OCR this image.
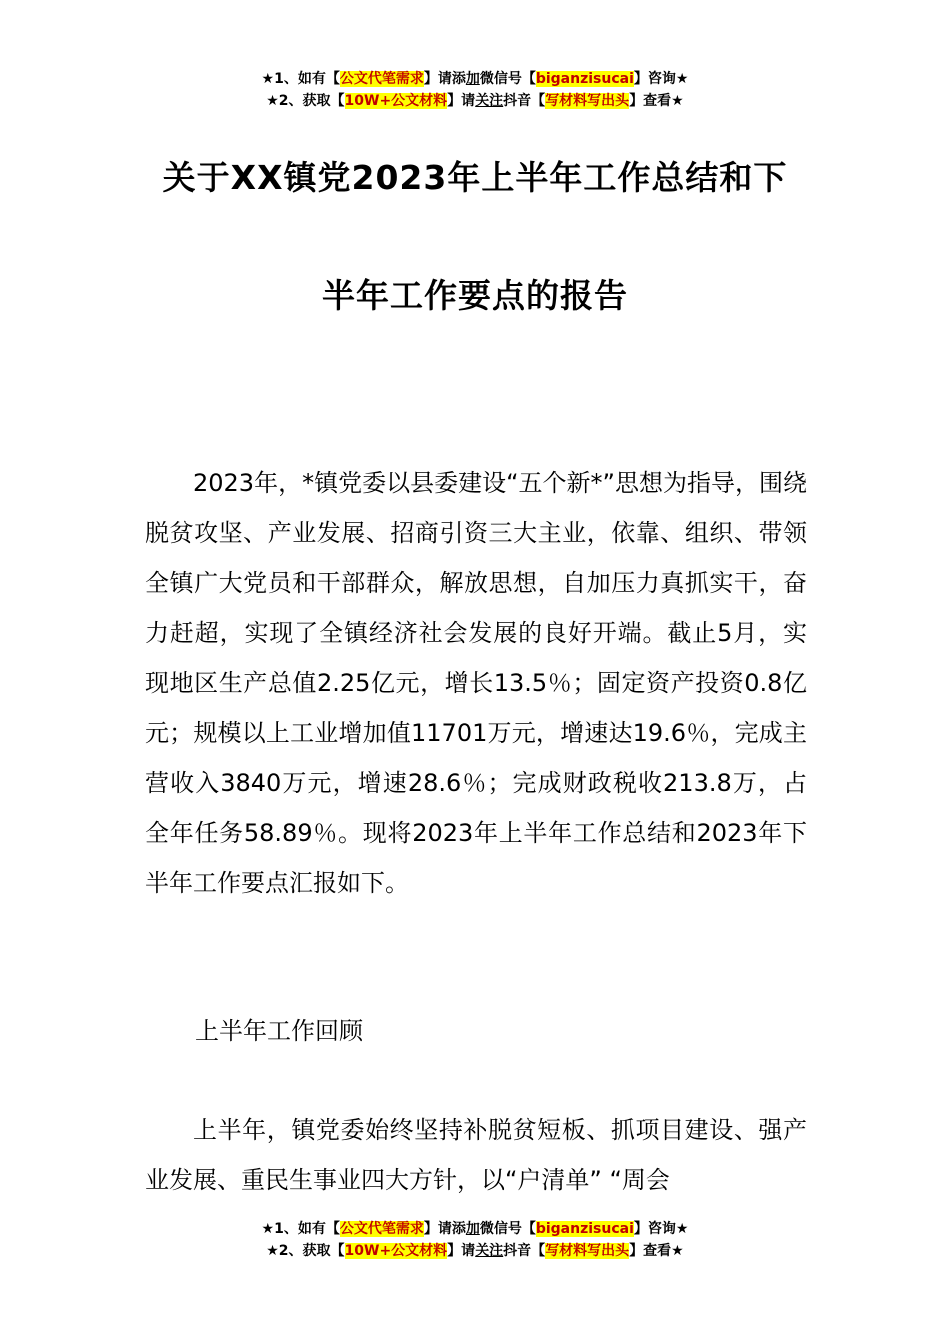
★1、如有【公文代笔需求】请添加微信号【biganzisucai】咨询★
★2、获取【10W+公文材料】请关注抖音【写材料写出头】查看★
关于XX镇党2023年上半年工作总结和下
半年工作要点的报告

2023年，*镇党委以县委建设“五个新*”思想为指导，围绕脱贫攻坚、产业发展、招商引资三大主业，依靠、组织、带领全镇广大党员和干部群众，解放思想，自加压力真抓实干，奋力赶超，实现了全镇经济社会发展的良好开端。截止5月，实现地区生产总值2.25亿元，增长13.5％；固定资产投资0.8亿元；规模以上工业增加值11701万元，增速达19.6％，完成主营收入3840万元，增速28.6％；完成财政税收213.8万，占全年任务58.89％。现将2023年上半年工作总结和2023年下半年工作要点汇报如下。

上半年工作回顾

上半年，镇党委始终坚持补脱贫短板、抓项目建设、强产业发展、重民生事业四大方针，以“户清单” “周会

★1、如有【公文代笔需求】请添加微信号【biganzisucai】咨询★
★2、获取【10W+公文材料】请关注抖音【写材料写出头】查看★
